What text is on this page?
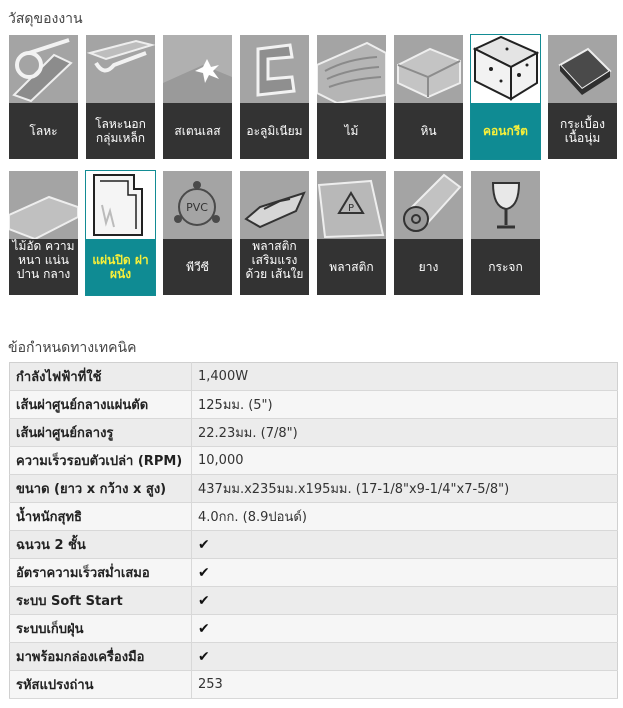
วัสดุของงาน
โลหะ	โลหะนอก กลุ่มเหล็ก	สเตนเลส	อะลูมิเนียม	ไม้	หิน	คอนกรีต	กระเบื้อง เนื้อนุ่ม
ไม้อัด ความหนา แน่นปาน กลาง
แผ่นปิด ฝาผนัง
PVC
พีวีซี
พลาสติก เสริมแรง ด้วย เส้นใย
P
พลาสติก	ยาง	กระจก
ข้อกำหนดทางเทคนิค
กำลังไฟฟ้าที่ใช้	1,400W
เส้นผ่าศูนย์กลางแผ่นตัด	125มม. (5")
เส้นผ่าศูนย์กลางรู	22.23มม. (7/8")
ความเร็วรอบตัวเปล่า (RPM)	10,000
ขนาด (ยาว x กว้าง x สูง)	437มม.x235มม.x195มม. (17-1/8"x9-1/4"x7-5/8")
น้ำหนักสุทธิ	4.0กก. (8.9ปอนด์)
ฉนวน 2 ชั้น	✔
อัตราความเร็วสม่ำเสมอ	✔
ระบบ Soft Start	✔
ระบบเก็บฝุ่น	✔
มาพร้อมกล่องเครื่องมือ	✔
รหัสแปรงถ่าน	253
